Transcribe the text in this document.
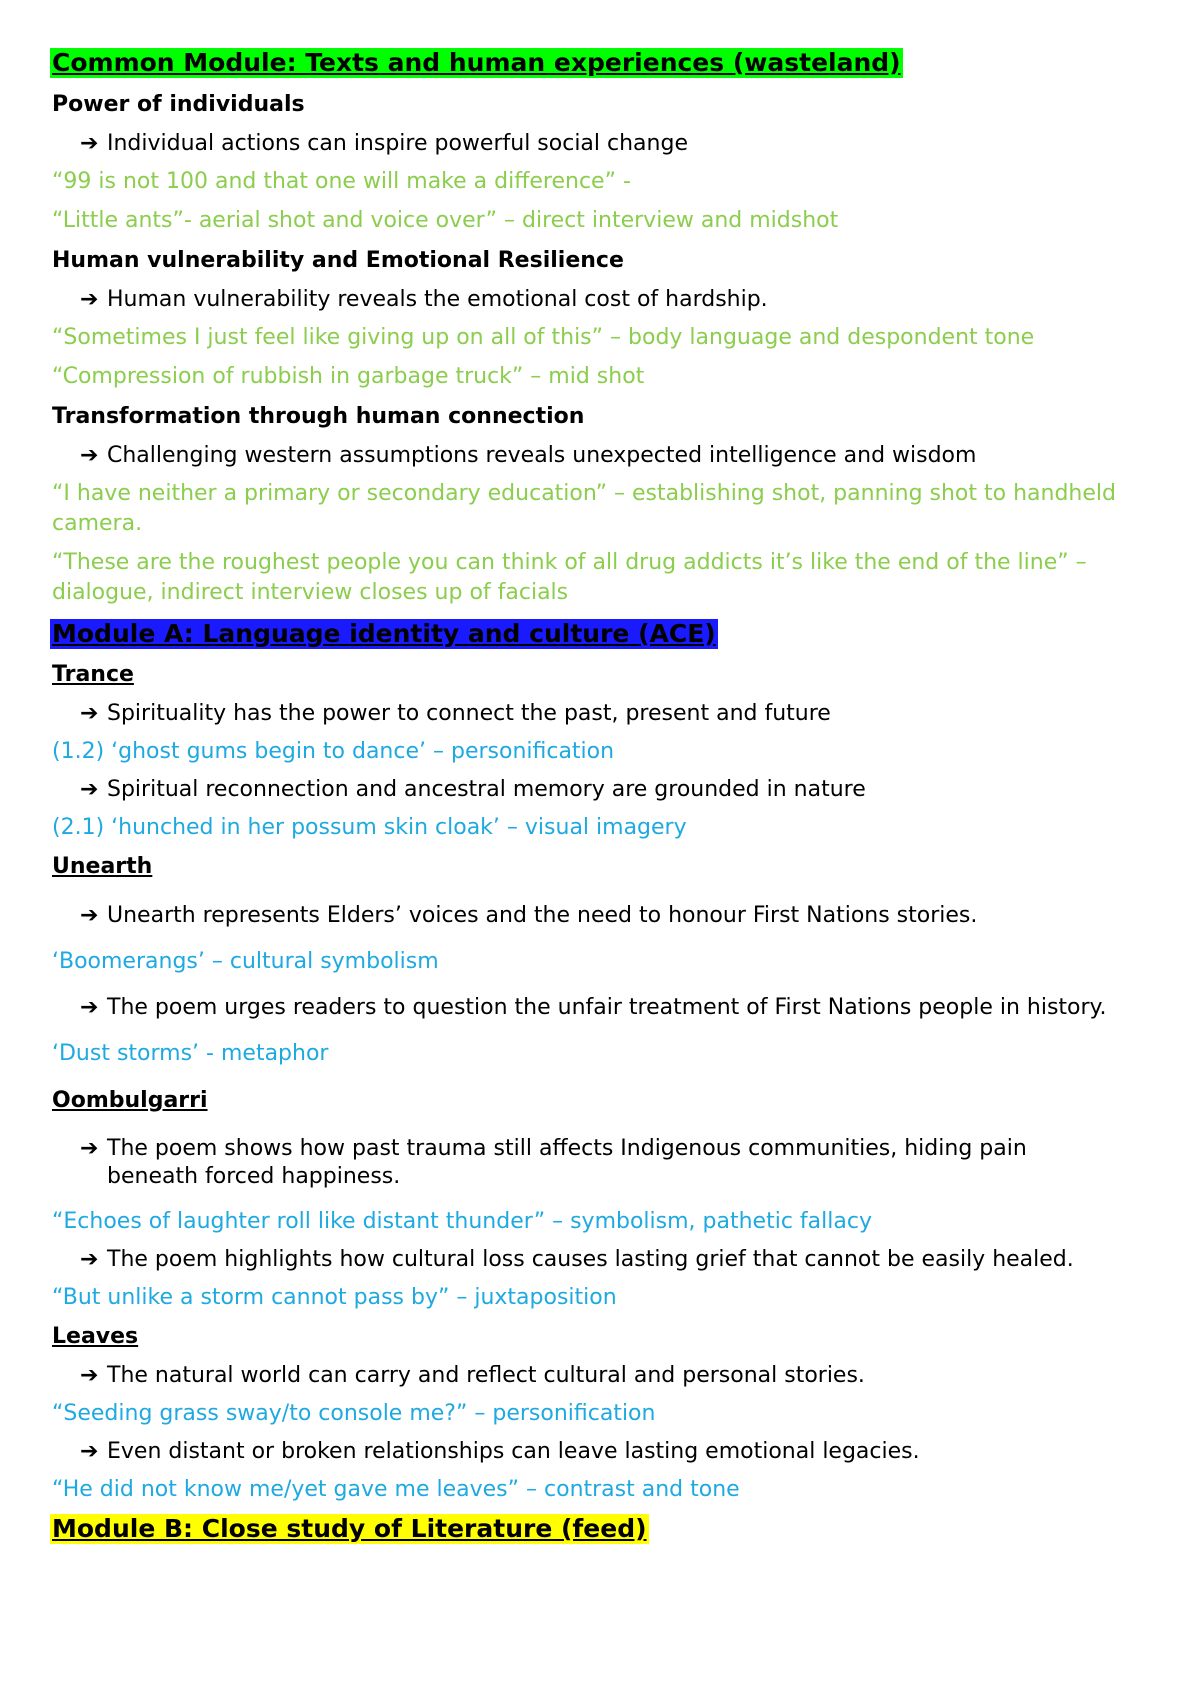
Common Module: Texts and human experiences (wasteland)
Power of individuals
➔ Individual actions can inspire powerful social change
“99 is not 100 and that one will make a difference” -
“Little ants”- aerial shot and voice over” – direct interview and midshot
Human vulnerability and Emotional Resilience
➔ Human vulnerability reveals the emotional cost of hardship.
“Sometimes I just feel like giving up on all of this” – body language and despondent tone
“Compression of rubbish in garbage truck” – mid shot
Transformation through human connection
➔ Challenging western assumptions reveals unexpected intelligence and wisdom
“I have neither a primary or secondary education” – establishing shot, panning shot to handheld camera.
“These are the roughest people you can think of all drug addicts it’s like the end of the line” – dialogue, indirect interview closes up of facials
Module A: Language identity and culture (ACE)
Trance
➔ Spirituality has the power to connect the past, present and future
(1.2) ‘ghost gums begin to dance’ – personification
➔ Spiritual reconnection and ancestral memory are grounded in nature
(2.1) ‘hunched in her possum skin cloak’ – visual imagery
Unearth
➔ Unearth represents Elders’ voices and the need to honour First Nations stories.
‘Boomerangs’ – cultural symbolism
➔ The poem urges readers to question the unfair treatment of First Nations people in history.
‘Dust storms’ - metaphor
Oombulgarri
➔ The poem shows how past trauma still affects Indigenous communities, hiding pain beneath forced happiness.
“Echoes of laughter roll like distant thunder” – symbolism, pathetic fallacy
➔ The poem highlights how cultural loss causes lasting grief that cannot be easily healed.
“But unlike a storm cannot pass by” – juxtaposition
Leaves
➔ The natural world can carry and reflect cultural and personal stories.
“Seeding grass sway/to console me?” – personification
➔ Even distant or broken relationships can leave lasting emotional legacies.
“He did not know me/yet gave me leaves” – contrast and tone
Module B: Close study of Literature (feed)
